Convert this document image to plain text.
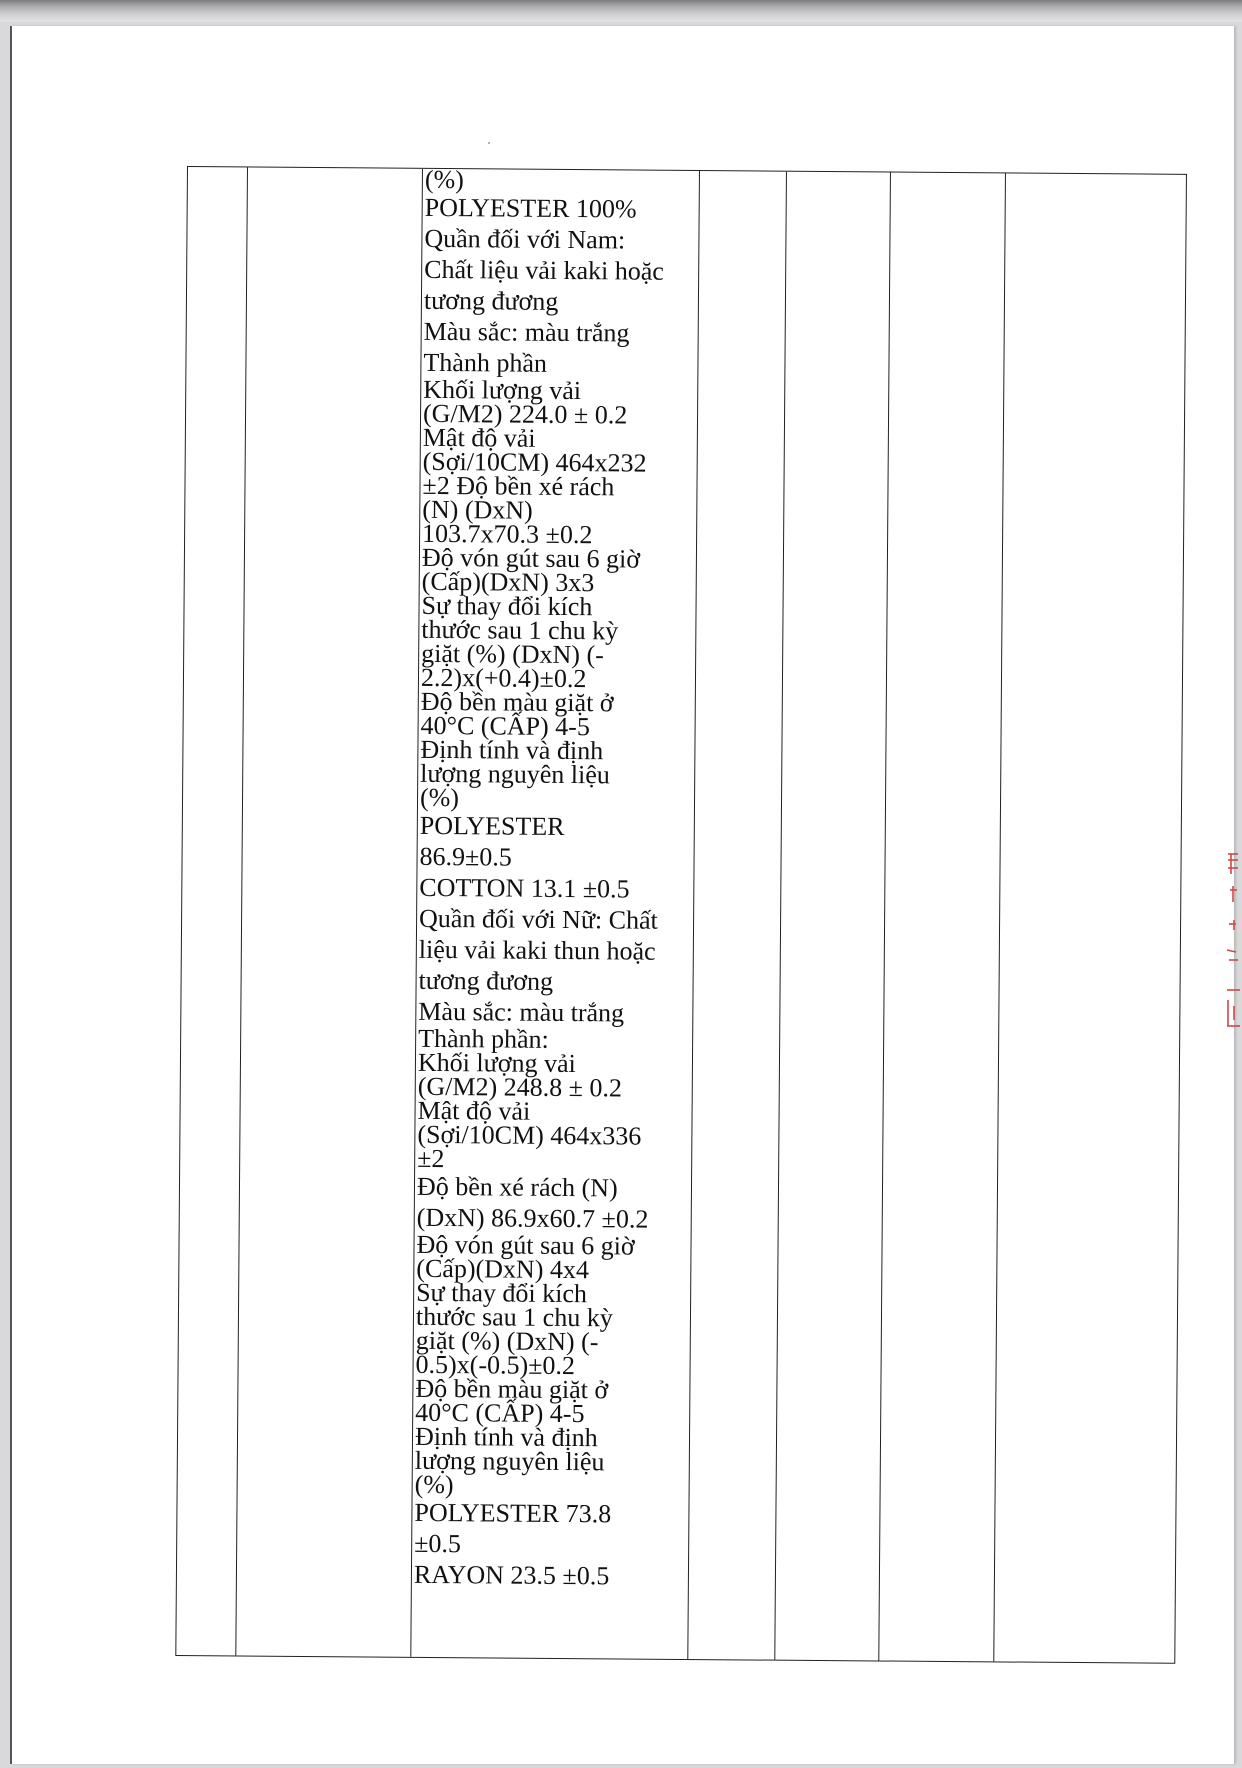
(%)
POLYESTER 100%
Quần đối với Nam:
Chất liệu vải kaki hoặc
tương đương
Màu sắc: màu trắng
Thành phần
Khối lượng vải
(G/M2) 224.0 ± 0.2
Mật độ vải
(Sợi/10CM) 464x232
±2 Độ bền xé rách
(N) (DxN)
103.7x70.3 ±0.2
Độ vón gút sau 6 giờ
(Cấp)(DxN) 3x3
Sự thay đổi kích
thước sau 1 chu kỳ
giặt (%) (DxN) (-
2.2)x(+0.4)±0.2
Độ bền màu giặt ở
40°C (CẤP) 4-5
Định tính và định
lượng nguyên liệu
(%)
POLYESTER
86.9±0.5
COTTON 13.1 ±0.5
Quần đối với Nữ: Chất
liệu vải kaki thun hoặc
tương đương
Màu sắc: màu trắng
Thành phần:
Khối lượng vải
(G/M2) 248.8 ± 0.2
Mật độ vải
(Sợi/10CM) 464x336
±2
Độ bền xé rách (N)
(DxN) 86.9x60.7 ±0.2
Độ vón gút sau 6 giờ
(Cấp)(DxN) 4x4
Sự thay đổi kích
thước sau 1 chu kỳ
giặt (%) (DxN) (-
0.5)x(-0.5)±0.2
Độ bền màu giặt ở
40°C (CẤP) 4-5
Định tính và định
lượng nguyên liệu
(%)
POLYESTER 73.8
±0.5
RAYON 23.5 ±0.5
